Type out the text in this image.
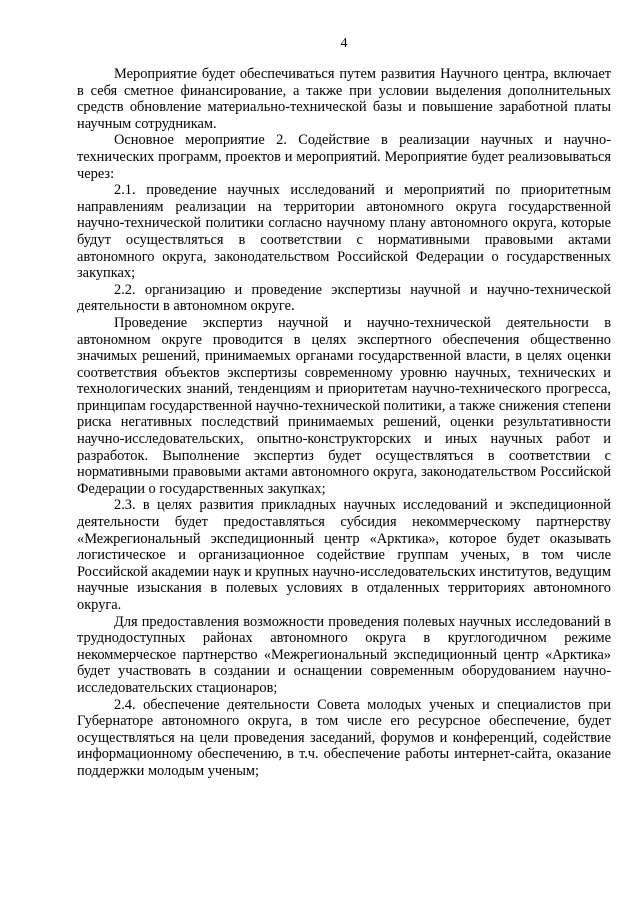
4

Мероприятие будет обеспечиваться путем развития Научного центра, включает в себя сметное финансирование, а также при условии выделения дополнительных средств обновление материально-технической базы и повышение заработной платы научным сотрудникам.

Основное мероприятие 2. Содействие в реализации научных и научно-технических программ, проектов и мероприятий. Мероприятие будет реализовываться через:

2.1. проведение научных исследований и мероприятий по приоритетным направлениям реализации на территории автономного округа государственной научно-технической политики согласно научному плану автономного округа, которые будут осуществляться в соответствии с нормативными правовыми актами автономного округа, законодательством Российской Федерации о государственных закупках;

2.2. организацию и проведение экспертизы научной и научно-технической деятельности в автономном округе.

Проведение экспертиз научной и научно-технической деятельности в автономном округе проводится в целях экспертного обеспечения общественно значимых решений, принимаемых органами государственной власти, в целях оценки соответствия объектов экспертизы современному уровню научных, технических и технологических знаний, тенденциям и приоритетам научно-технического прогресса, принципам государственной научно-технической политики, а также снижения степени риска негативных последствий принимаемых решений, оценки результативности научно-исследовательских, опытно-конструкторских и иных научных работ и разработок. Выполнение экспертиз будет осуществляться в соответствии с нормативными правовыми актами автономного округа, законодательством Российской Федерации о государственных закупках;

2.3. в целях развития прикладных научных исследований и экспедиционной деятельности будет предоставляться субсидия некоммерческому партнерству «Межрегиональный экспедиционный центр «Арктика», которое будет оказывать логистическое и организационное содействие группам ученых, в том числе Российской академии наук и крупных научно-исследовательских институтов, ведущим научные изыскания в полевых условиях в отдаленных территориях автономного округа.

Для предоставления возможности проведения полевых научных исследований в труднодоступных районах автономного округа в круглогодичном режиме некоммерческое партнерство «Межрегиональный экспедиционный центр «Арктика» будет участвовать в создании и оснащении современным оборудованием научно-исследовательских стационаров;

2.4. обеспечение деятельности Совета молодых ученых и специалистов при Губернаторе автономного округа, в том числе его ресурсное обеспечение, будет осуществляться на цели проведения заседаний, форумов и конференций, содействие информационному обеспечению, в т.ч. обеспечение работы интернет-сайта, оказание поддержки молодым ученым;
